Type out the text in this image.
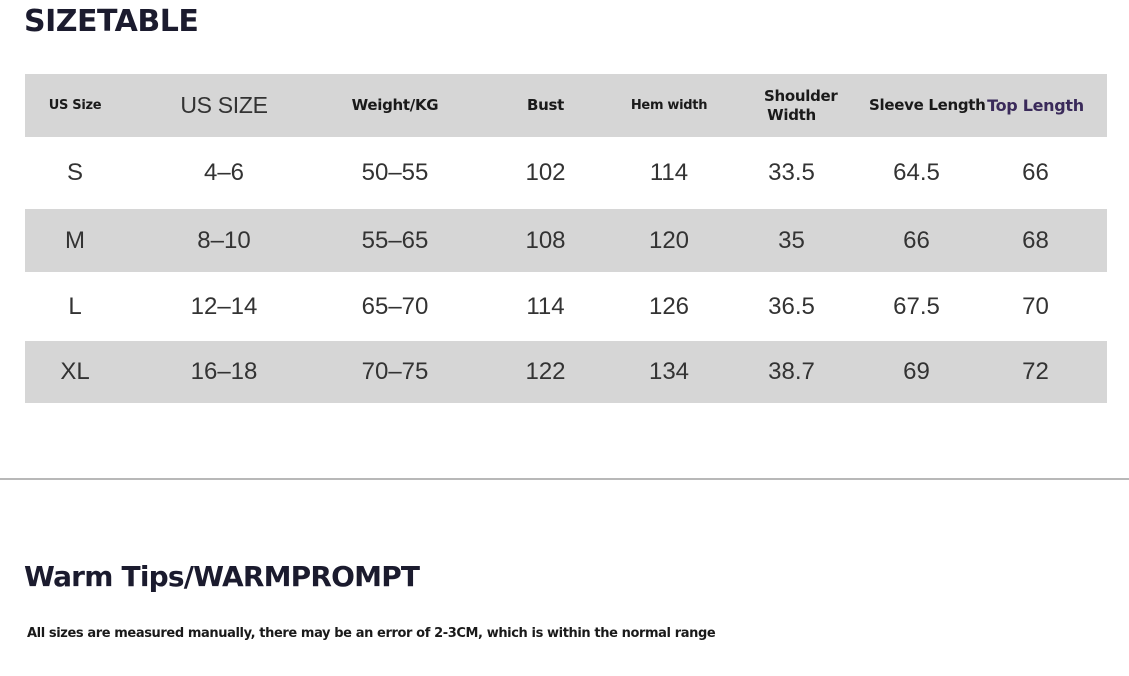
SIZETABLE
US Size	US SIZE	Weight/KG	Bust	Hem width	Shoulder Width	Sleeve Length	Top Length
S	4–6	50–55	102	114	33.5	64.5	66
M	8–10	55–65	108	120	35	66	68
L	12–14	65–70	114	126	36.5	67.5	70
XL	16–18	70–75	122	134	38.7	69	72
Warm Tips/WARMPROMPT

All sizes are measured manually, there may be an error of 2-3CM, which is within the normal range
